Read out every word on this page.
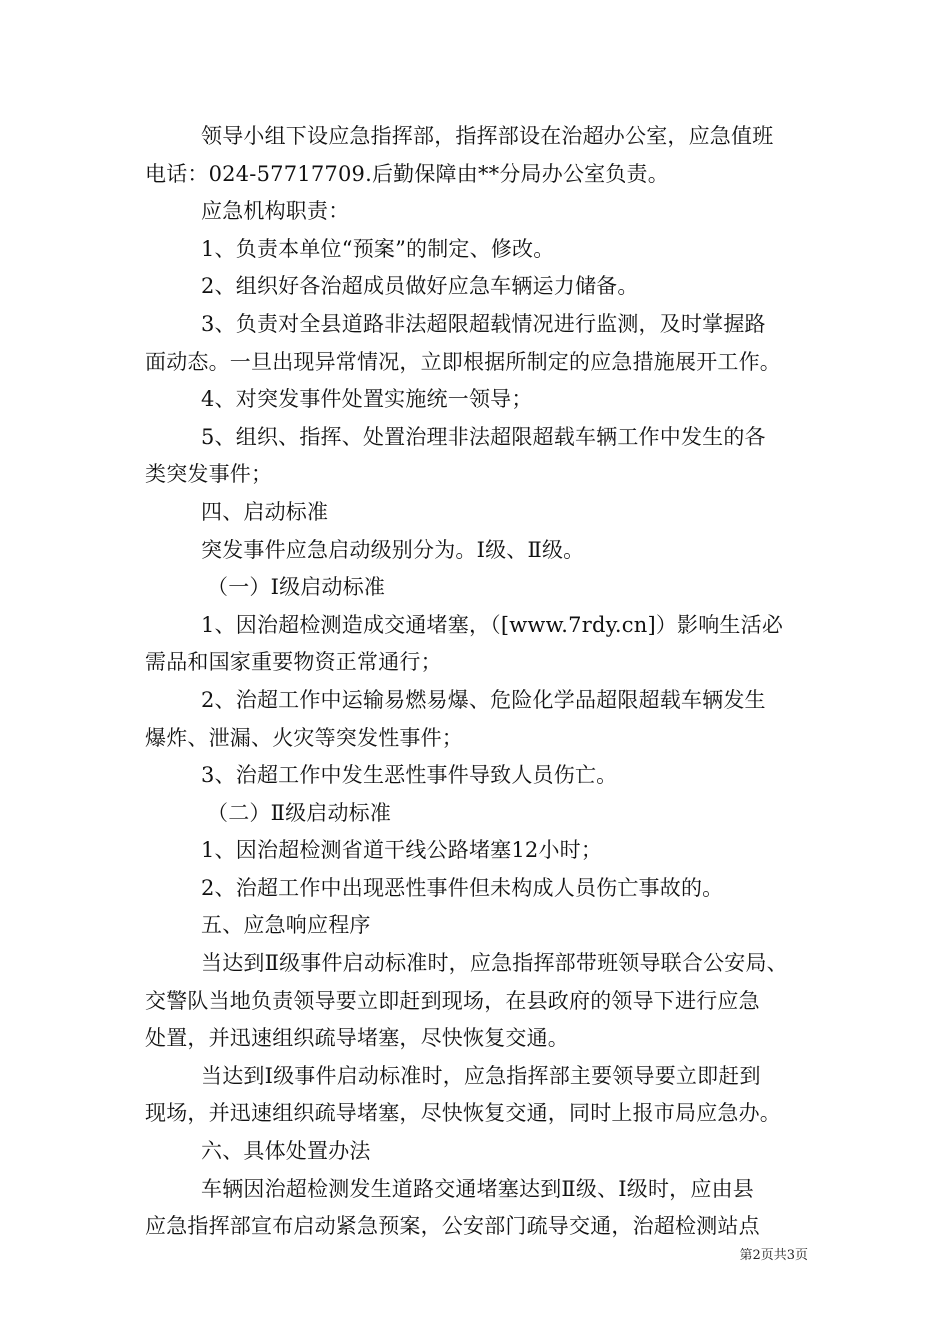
领导小组下设应急指挥部，指挥部设在治超办公室，应急值班
电话：024-57717709.后勤保障由**分局办公室负责。
应急机构职责：
1、负责本单位“预案”的制定、修改。
2、组织好各治超成员做好应急车辆运力储备。
3、负责对全县道路非法超限超载情况进行监测，及时掌握路
面动态。一旦出现异常情况，立即根据所制定的应急措施展开工作。
4、对突发事件处置实施统一领导；
5、组织、指挥、处置治理非法超限超载车辆工作中发生的各
类突发事件；
四、启动标准
突发事件应急启动级别分为。Ⅰ级、Ⅱ级。
（一）Ⅰ级启动标准
1、因治超检测造成交通堵塞，（[www.7rdy.cn]）影响生活必
需品和国家重要物资正常通行；
2、治超工作中运输易燃易爆、危险化学品超限超载车辆发生
爆炸、泄漏、火灾等突发性事件；
3、治超工作中发生恶性事件导致人员伤亡。
（二）Ⅱ级启动标准
1、因治超检测省道干线公路堵塞12小时；
2、治超工作中出现恶性事件但未构成人员伤亡事故的。
五、应急响应程序
当达到Ⅱ级事件启动标准时，应急指挥部带班领导联合公安局、
交警队当地负责领导要立即赶到现场，在县政府的领导下进行应急
处置，并迅速组织疏导堵塞，尽快恢复交通。
当达到Ⅰ级事件启动标准时，应急指挥部主要领导要立即赶到
现场，并迅速组织疏导堵塞，尽快恢复交通，同时上报市局应急办。
六、具体处置办法
车辆因治超检测发生道路交通堵塞达到Ⅱ级、Ⅰ级时，应由县
应急指挥部宣布启动紧急预案，公安部门疏导交通，治超检测站点
第2页共3页
